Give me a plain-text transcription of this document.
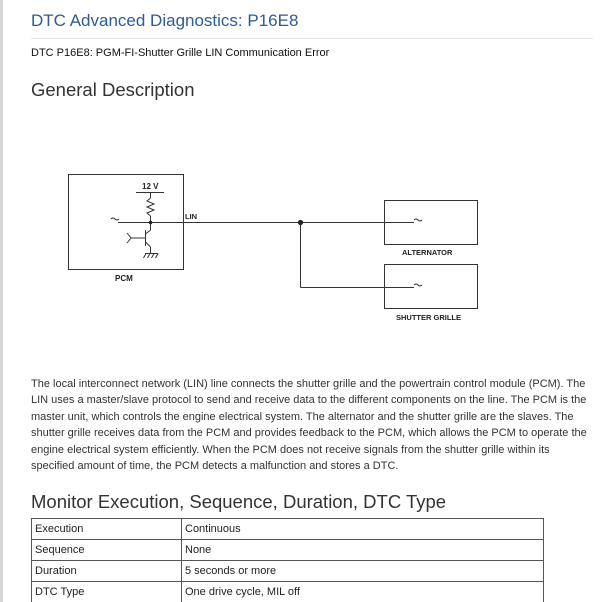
DTC Advanced Diagnostics: P16E8
DTC P16E8: PGM-FI-Shutter Grille LIN Communication Error
General Description
12 V
LIN
PCM
ALTERNATOR
SHUTTER GRILLE

The local interconnect network (LIN) line connects the shutter grille and the powertrain control module (PCM). The LIN uses a master/slave protocol to send and receive data to the different components on the line. The PCM is the master unit, which controls the engine electrical system. The alternator and the shutter grille are the slaves. The shutter grille receives data from the PCM and provides feedback to the PCM, which allows the PCM to operate the engine electrical system efficiently. When the PCM does not receive signals from the shutter grille within its specified amount of time, the PCM detects a malfunction and stores a DTC.

Monitor Execution, Sequence, Duration, DTC Type
Execution	Continuous
Sequence	None
Duration	5 seconds or more
DTC Type	One drive cycle, MIL off
